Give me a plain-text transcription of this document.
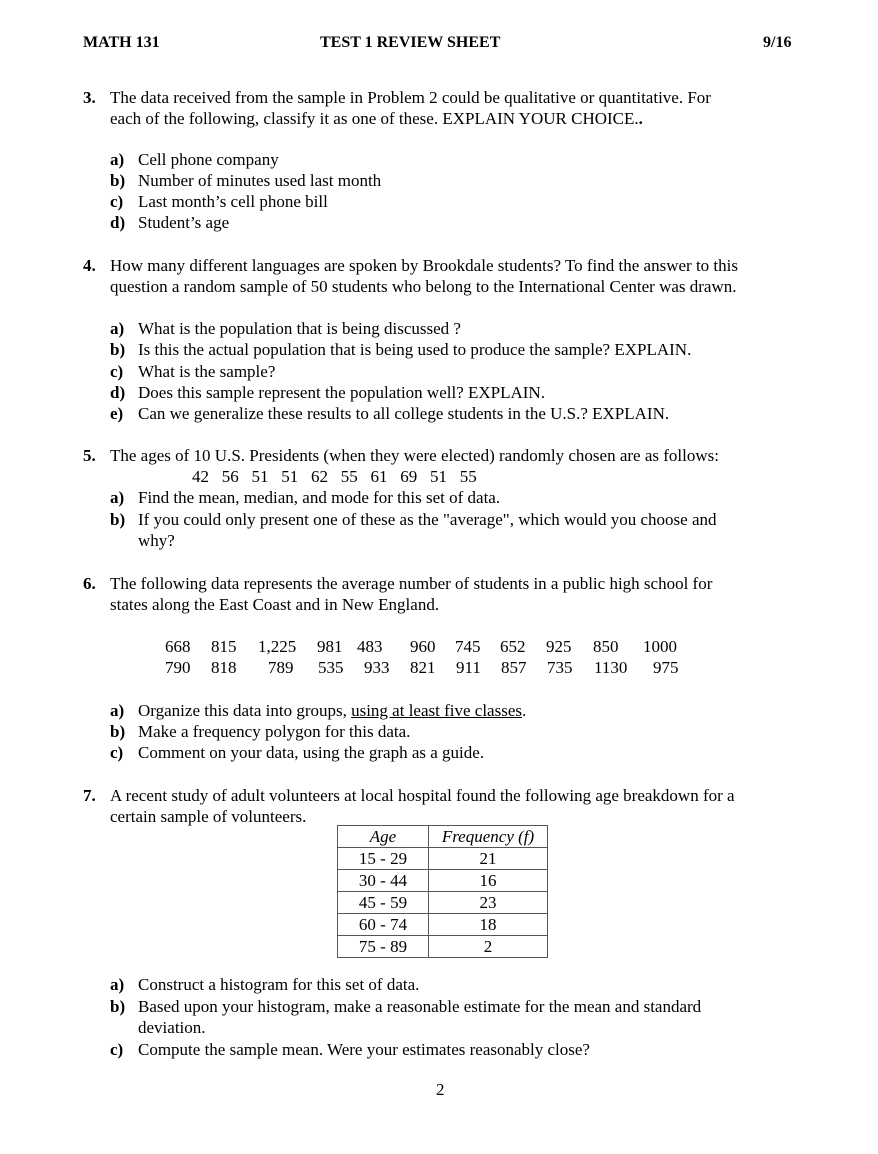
MATH 131	TEST 1 REVIEW SHEET	9/16
3. The data received from the sample in Problem 2 could be qualitative or quantitative. For
each of the following, classify it as one of these. EXPLAIN YOUR CHOICE..
4. How many different languages are spoken by Brookdale students? To find the answer to this
question a random sample of 50 students who belong to the International Center was drawn.
5. The ages of 10 U.S. Presidents (when they were elected) randomly chosen are as follows:
42   56   51   51   62   55   61   69   51   55
6. The following data represents the average number of students in a public high school for
states along the East Coast and in New England.
7. A recent study of adult volunteers at local hospital found the following age breakdown for a
certain sample of volunteers.
Age	Frequency (f)
15 - 29	21
30 - 44	16
45 - 59	23
60 - 74	18
75 - 89	2
2
a) Cell phone company
b) Number of minutes used last month
c) Last month’s cell phone bill
d) Student’s age
a) What is the population that is being discussed ?
b) Is this the actual population that is being used to produce the sample? EXPLAIN.
c) What is the sample?
d) Does this sample represent the population well? EXPLAIN.
e) Can we generalize these results to all college students in the U.S.? EXPLAIN.
a) Find the mean, median, and mode for this set of data.
b) If you could only present one of these as the "average", which would you choose and
why?
a) Organize this data into groups, using at least five classes.
b) Make a frequency polygon for this data.
c) Comment on your data, using the graph as a guide.
a) Construct a histogram for this set of data.
b) Based upon your histogram, make a reasonable estimate for the mean and standard
deviation.
c) Compute the sample mean. Were your estimates reasonably close?
668 815 1,225 981 483 960 745 652 925 850 1000
790 818 789 535 933 821 911 857 735 1130 975
